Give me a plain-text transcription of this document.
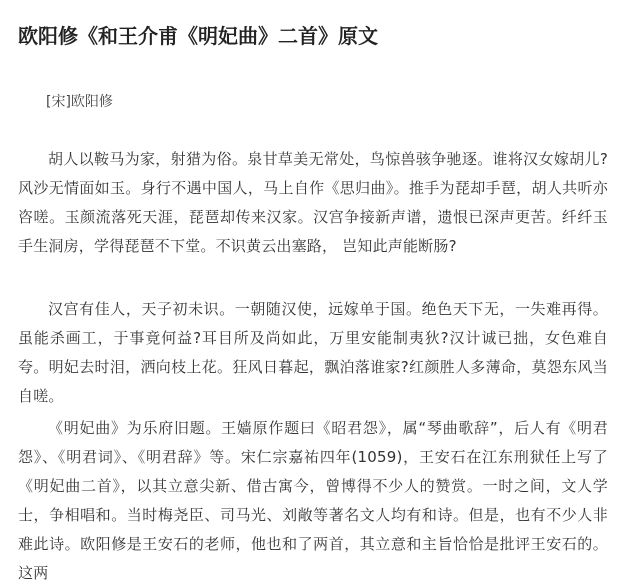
欧阳修《和王介甫《明妃曲》二首》原文

[宋]欧阳修

胡人以鞍马为家，射猎为俗。泉甘草美无常处，鸟惊兽骇争驰逐。谁将汉女嫁胡儿?风沙无情面如玉。身行不遇中国人，马上自作《思归曲》。推手为琵却手琶，胡人共听亦咨嗟。玉颜流落死天涯，琵琶却传来汉家。汉宫争接新声谱，遗恨已深声更苦。纤纤玉手生洞房，学得琵琶不下堂。不识黄云出塞路， 岂知此声能断肠?

汉宫有佳人，天子初未识。一朝随汉使，远嫁单于国。绝色天下无，一失难再得。虽能杀画工，于事竟何益?耳目所及尚如此，万里安能制夷狄?汉计诚已拙，女色难自夸。明妃去时泪，洒向枝上花。狂风日暮起，飘泊落谁家?红颜胜人多薄命，莫怨东风当自嗟。

《明妃曲》为乐府旧题。王嫱原作题曰《昭君怨》，属“琴曲歌辞”，后人有《明君怨》、《明君词》、《明君辞》等。宋仁宗嘉祐四年(1059)，王安石在江东刑狱任上写了《明妃曲二首》，以其立意尖新、借古寓今，曾博得不少人的赞赏。一时之间，文人学士，争相唱和。当时梅尧臣、司马光、刘敞等著名文人均有和诗。但是，也有不少人非难此诗。欧阳修是王安石的老师，他也和了两首，其立意和主旨恰恰是批评王安石的。这两
